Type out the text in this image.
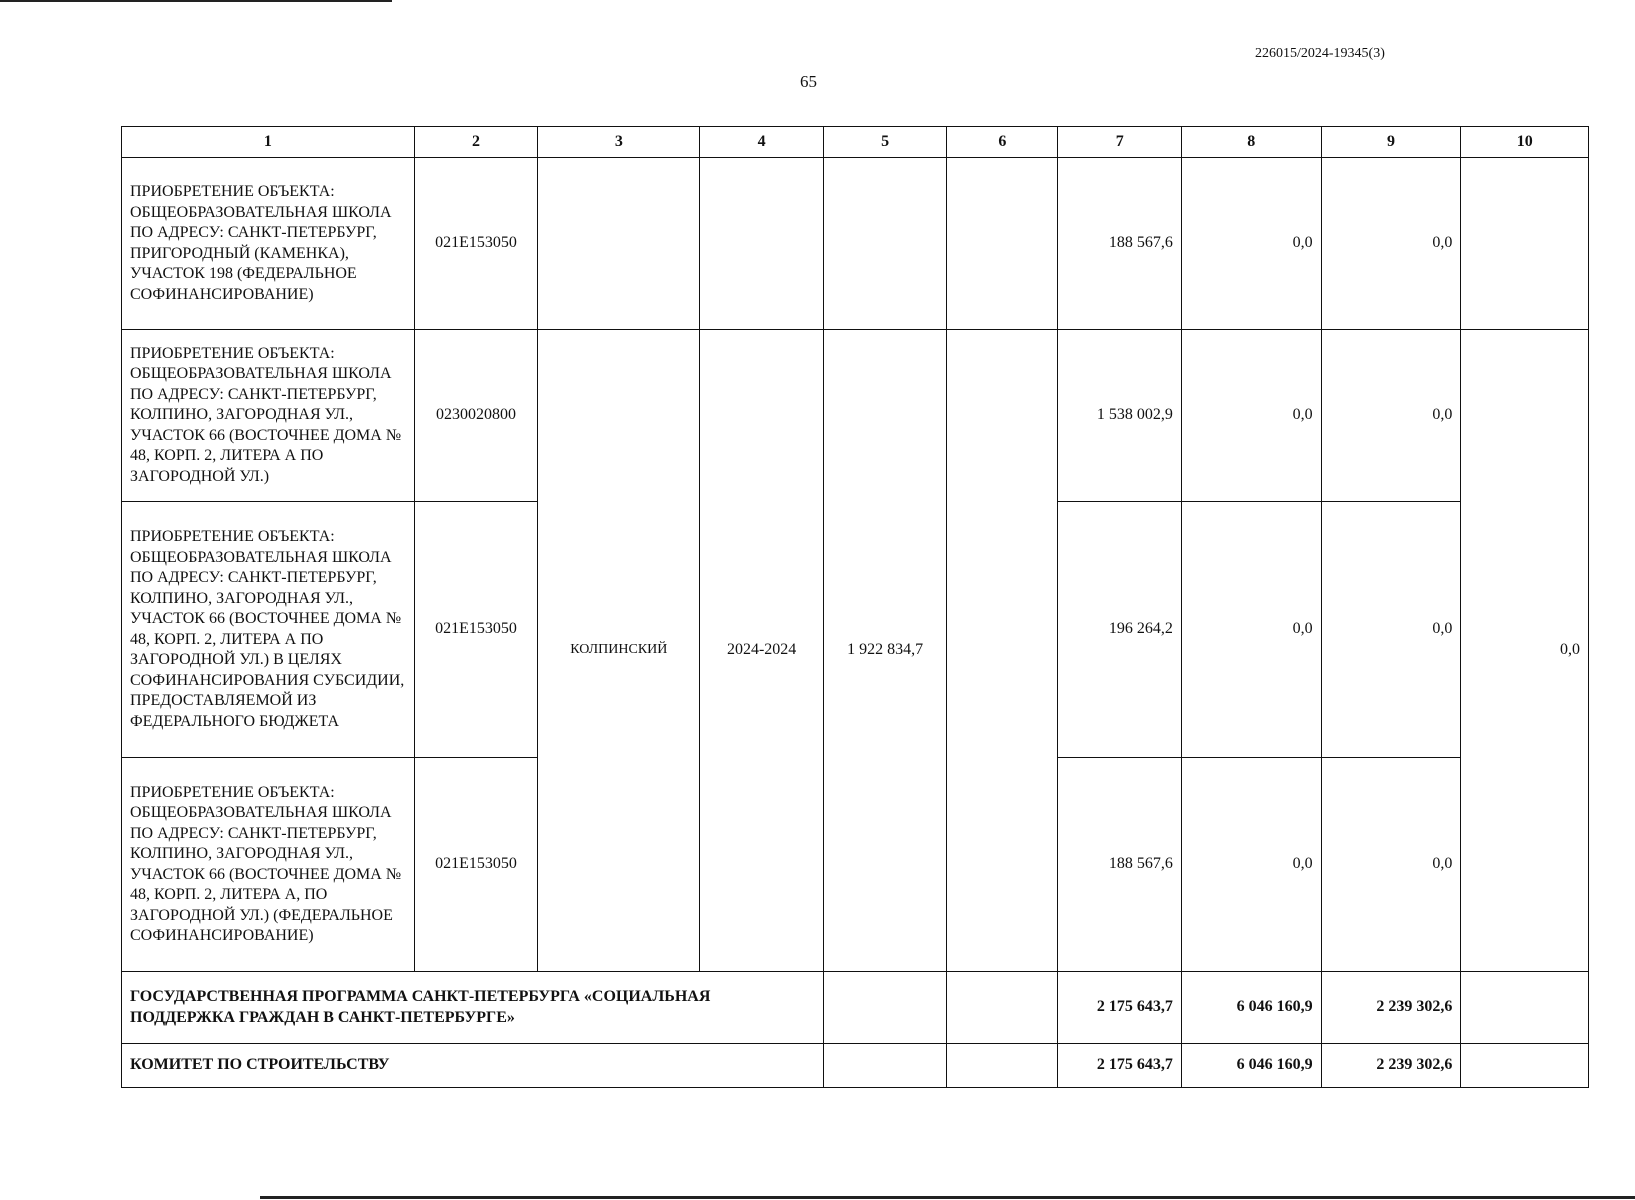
226015/2024-19345(3)
65
1	2	3	4	5	6	7	8	9	10
ПРИОБРЕТЕНИЕ ОБЪЕКТА: ОБЩЕОБРАЗОВАТЕЛЬНАЯ ШКОЛА ПО АДРЕСУ: САНКТ-ПЕТЕРБУРГ, ПРИГОРОДНЫЙ (КАМЕНКА), УЧАСТОК 198 (ФЕДЕРАЛЬНОЕ СОФИНАНСИРОВАНИЕ)	021E153050					188 567,6	0,0	0,0	
ПРИОБРЕТЕНИЕ ОБЪЕКТА: ОБЩЕОБРАЗОВАТЕЛЬНАЯ ШКОЛА ПО АДРЕСУ: САНКТ-ПЕТЕРБУРГ, КОЛПИНО, ЗАГОРОДНАЯ УЛ., УЧАСТОК 66 (ВОСТОЧНЕЕ ДОМА № 48, КОРП. 2, ЛИТЕРА А ПО ЗАГОРОДНОЙ УЛ.)	0230020800	КОЛПИНСКИЙ	2024-2024	1 922 834,7		1 538 002,9	0,0	0,0	0,0
ПРИОБРЕТЕНИЕ ОБЪЕКТА: ОБЩЕОБРАЗОВАТЕЛЬНАЯ ШКОЛА ПО АДРЕСУ: САНКТ-ПЕТЕРБУРГ, КОЛПИНО, ЗАГОРОДНАЯ УЛ., УЧАСТОК 66 (ВОСТОЧНЕЕ ДОМА № 48, КОРП. 2, ЛИТЕРА А ПО ЗАГОРОДНОЙ УЛ.) В ЦЕЛЯХ СОФИНАНСИРОВАНИЯ СУБСИДИИ, ПРЕДОСТАВЛЯЕМОЙ ИЗ ФЕДЕРАЛЬНОГО БЮДЖЕТА	021E153050					196 264,2	0,0	0,0	
ПРИОБРЕТЕНИЕ ОБЪЕКТА: ОБЩЕОБРАЗОВАТЕЛЬНАЯ ШКОЛА ПО АДРЕСУ: САНКТ-ПЕТЕРБУРГ, КОЛПИНО, ЗАГОРОДНАЯ УЛ., УЧАСТОК 66 (ВОСТОЧНЕЕ ДОМА № 48, КОРП. 2, ЛИТЕРА А, ПО ЗАГОРОДНОЙ УЛ.) (ФЕДЕРАЛЬНОЕ СОФИНАНСИРОВАНИЕ)	021E153050					188 567,6	0,0	0,0	
ГОСУДАРСТВЕННАЯ ПРОГРАММА САНКТ-ПЕТЕРБУРГА «СОЦИАЛЬНАЯ ПОДДЕРЖКА ГРАЖДАН В САНКТ-ПЕТЕРБУРГЕ»						2 175 643,7	6 046 160,9	2 239 302,6	
КОМИТЕТ ПО СТРОИТЕЛЬСТВУ						2 175 643,7	6 046 160,9	2 239 302,6	
